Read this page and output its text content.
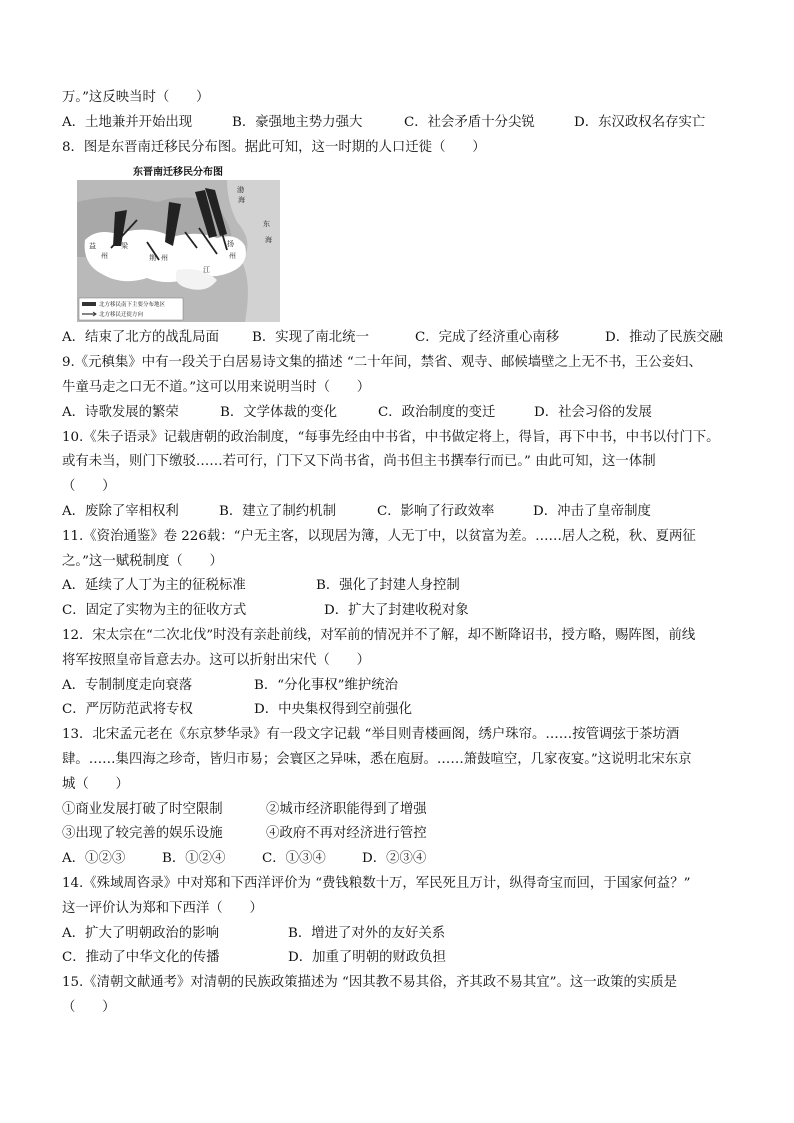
万。”这反映当时（　　）
A．土地兼并开始出现	B．豪强地主势力强大	C．社会矛盾十分尖锐	D．东汉政权名存实亡
8．图是东晋南迁移民分布图。据此可知，这一时期的人口迁徙（　　）
东晋南迁移民分布图
渤
海
东
海
梁
州	荆 州
江
扬
州
益
北方移民南下主要分布地区
北方移民迁徙方向
A．结束了北方的战乱局面	B．实现了南北统一	C．完成了经济重心南移	D．推动了民族交融
9.《元稹集》中有一段关于白居易诗文集的描述 “二十年间，禁省、观寺、邮候墙壁之上无不书，王公妾妇、
牛童马走之口无不道。”这可以用来说明当时（　　）
A．诗歌发展的繁荣	B．文学体裁的变化	C．政治制度的变迁	D．社会习俗的发展
10.《朱子语录》记载唐朝的政治制度，“每事先经由中书省，中书做定将上，得旨，再下中书，中书以付门下。
或有未当，则门下缴驳……若可行，门下又下尚书省，尚书但主书撰奉行而已。” 由此可知，这一体制
（　　）
A．废除了宰相权利	B．建立了制约机制	C．影响了行政效率	D．冲击了皇帝制度
11.《资治通鉴》卷 226载：“户无主客，以现居为簿，人无丁中，以贫富为差。……居人之税，秋、夏两征
之。”这一赋税制度（　　）
A．延续了人丁为主的征税标准	B．强化了封建人身控制
C．固定了实物为主的征收方式	D．扩大了封建收税对象
12．宋太宗在“二次北伐”时没有亲赴前线，对军前的情况并不了解，却不断降诏书，授方略，赐阵图，前线
将军按照皇帝旨意去办。这可以折射出宋代（　　）
A．专制制度走向衰落	B．“分化事权”维护统治
C．严厉防范武将专权	D．中央集权得到空前强化
13．北宋孟元老在《东京梦华录》有一段文字记载 “举目则青楼画阁，绣户珠帘。……按管调弦于茶坊酒
肆。……集四海之珍奇，皆归市易；会寰区之异味，悉在庖厨。……箫鼓喧空，几家夜宴。”这说明北宋东京
城（　　）
①商业发展打破了时空限制	②城市经济职能得到了增强
③出现了较完善的娱乐设施	④政府不再对经济进行管控
A．①②③	B．①②④	C．①③④	D．②③④
14.《殊域周咨录》中对郑和下西洋评价为 “费钱粮数十万，军民死且万计，纵得奇宝而回，于国家何益？”
这一评价认为郑和下西洋（　　）
A．扩大了明朝政治的影响	B．增进了对外的友好关系
C．推动了中华文化的传播	D．加重了明朝的财政负担
15.《清朝文献通考》对清朝的民族政策描述为 “因其教不易其俗，齐其政不易其宜”。这一政策的实质是
（　　）
